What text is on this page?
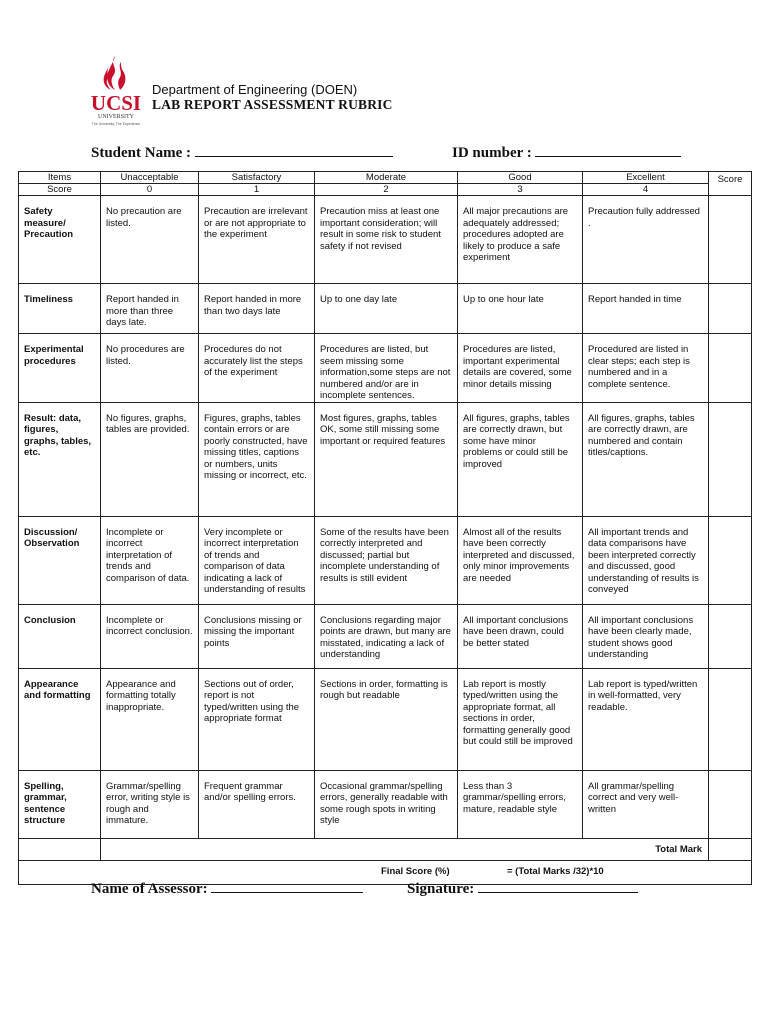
UCSI
UNIVERSITY
The University, The Experience
Department of Engineering (DOEN)
LAB REPORT ASSESSMENT RUBRIC
Student Name :	ID number :
Items	Unacceptable	Satisfactory	Moderate	Good	Excellent	Score
Score	0	1	2	3	4	
Safety measure/ Precaution	No precaution are listed.	Precaution are irrelevant or are not appropriate to the experiment	Precaution miss at least one important consideration; will result in some risk to student safety if not revised	All major precautions are adequately addressed; procedures adopted are likely to produce a safe experiment	Precaution fully addressed .	
Timeliness	Report handed in more than three days late.	Report handed in more than two days late	Up to one day late	Up to one hour late	Report handed in time	
Experimental procedures	No procedures are listed.	Procedures do not accurately list the steps of the experiment	Procedures are listed, but seem missing some information,some steps are not numbered and/or are in incomplete sentences.	Procedures are listed, important experimental details are covered, some minor details missing	Procedured are listed in clear steps; each step is numbered and in a complete sentence.	
Result: data, figures, graphs, tables, etc.	No figures, graphs, tables are provided.	Figures, graphs, tables contain errors or are poorly constructed, have missing titles, captions or numbers, units missing or incorrect, etc.	Most figures, graphs, tables OK, some still missing some important or required features	All figures, graphs, tables are correctly drawn, but some have minor problems or could still be improved	All figures, graphs, tables are correctly drawn, are numbered and contain titles/captions.	
Discussion/ Observation	Incomplete or incorrect interpretation of trends and comparison of data.	Very incomplete or incorrect interpretation of trends and comparison of data indicating a lack of understanding of results	Some of the results have been correctly interpreted and discussed; partial but incomplete understanding of results is still evident	Almost all of the results have been correctly interpreted and discussed, only minor improvements are needed	All important trends and data comparisons have been interpreted correctly and discussed, good understanding of results is conveyed	
Conclusion	Incomplete or incorrect conclusion.	Conclusions missing or missing the important points	Conclusions regarding major points are drawn, but many are misstated, indicating a lack of understanding	All important conclusions have been drawn, could be better stated	All important conclusions have been clearly made, student shows good understanding	
Appearance and formatting	Appearance and formatting totally inappropriate.	Sections out of order, report is not typed/written using the appropriate format	Sections in order, formatting is rough but readable	Lab report is mostly typed/written using the appropriate format, all sections in order, formatting generally good but could still be improved	Lab report is typed/written in well-formatted, very readable.	
Spelling, grammar, sentence structure	Grammar/spelling error, writing style is rough and immature.	Frequent grammar and/or spelling errors.	Occasional grammar/spelling errors, generally readable with some rough spots in writing style	Less than 3 grammar/spelling errors, mature, readable style	All grammar/spelling correct and very well-written	
	Total Mark					

Final Score (%) = (Total Marks /32)*10						
Name of Assessor:	Signature:
